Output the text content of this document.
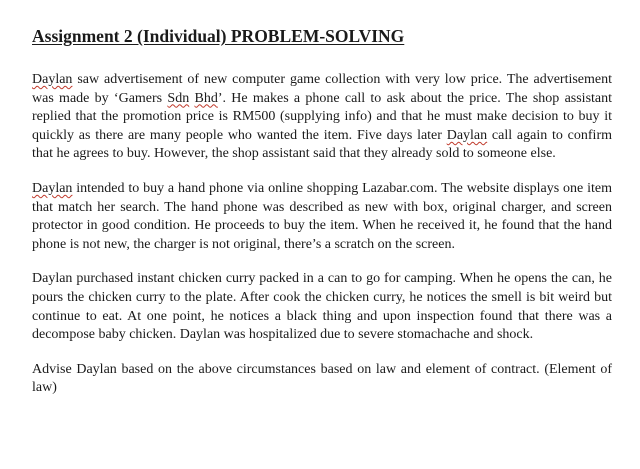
Assignment 2 (Individual) PROBLEM-SOLVING

Daylan saw advertisement of new computer game collection with very low price. The advertisement was made by ‘Gamers Sdn Bhd’. He makes a phone call to ask about the price. The shop assistant replied that the promotion price is RM500 (supplying info) and that he must make decision to buy it quickly as there are many people who wanted the item. Five days later Daylan call again to confirm that he agrees to buy. However, the shop assistant said that they already sold to someone else.

Daylan intended to buy a hand phone via online shopping Lazabar.com. The website displays one item that match her search. The hand phone was described as new with box, original charger, and screen protector in good condition. He proceeds to buy the item. When he received it, he found that the hand phone is not new, the charger is not original, there’s a scratch on the screen.

Daylan purchased instant chicken curry packed in a can to go for camping. When he opens the can, he pours the chicken curry to the plate. After cook the chicken curry, he notices the smell is bit weird but continue to eat. At one point, he notices a black thing and upon inspection found that there was a decompose baby chicken. Daylan was hospitalized due to severe stomachache and shock.

Advise Daylan based on the above circumstances based on law and element of contract. (Element of law)
